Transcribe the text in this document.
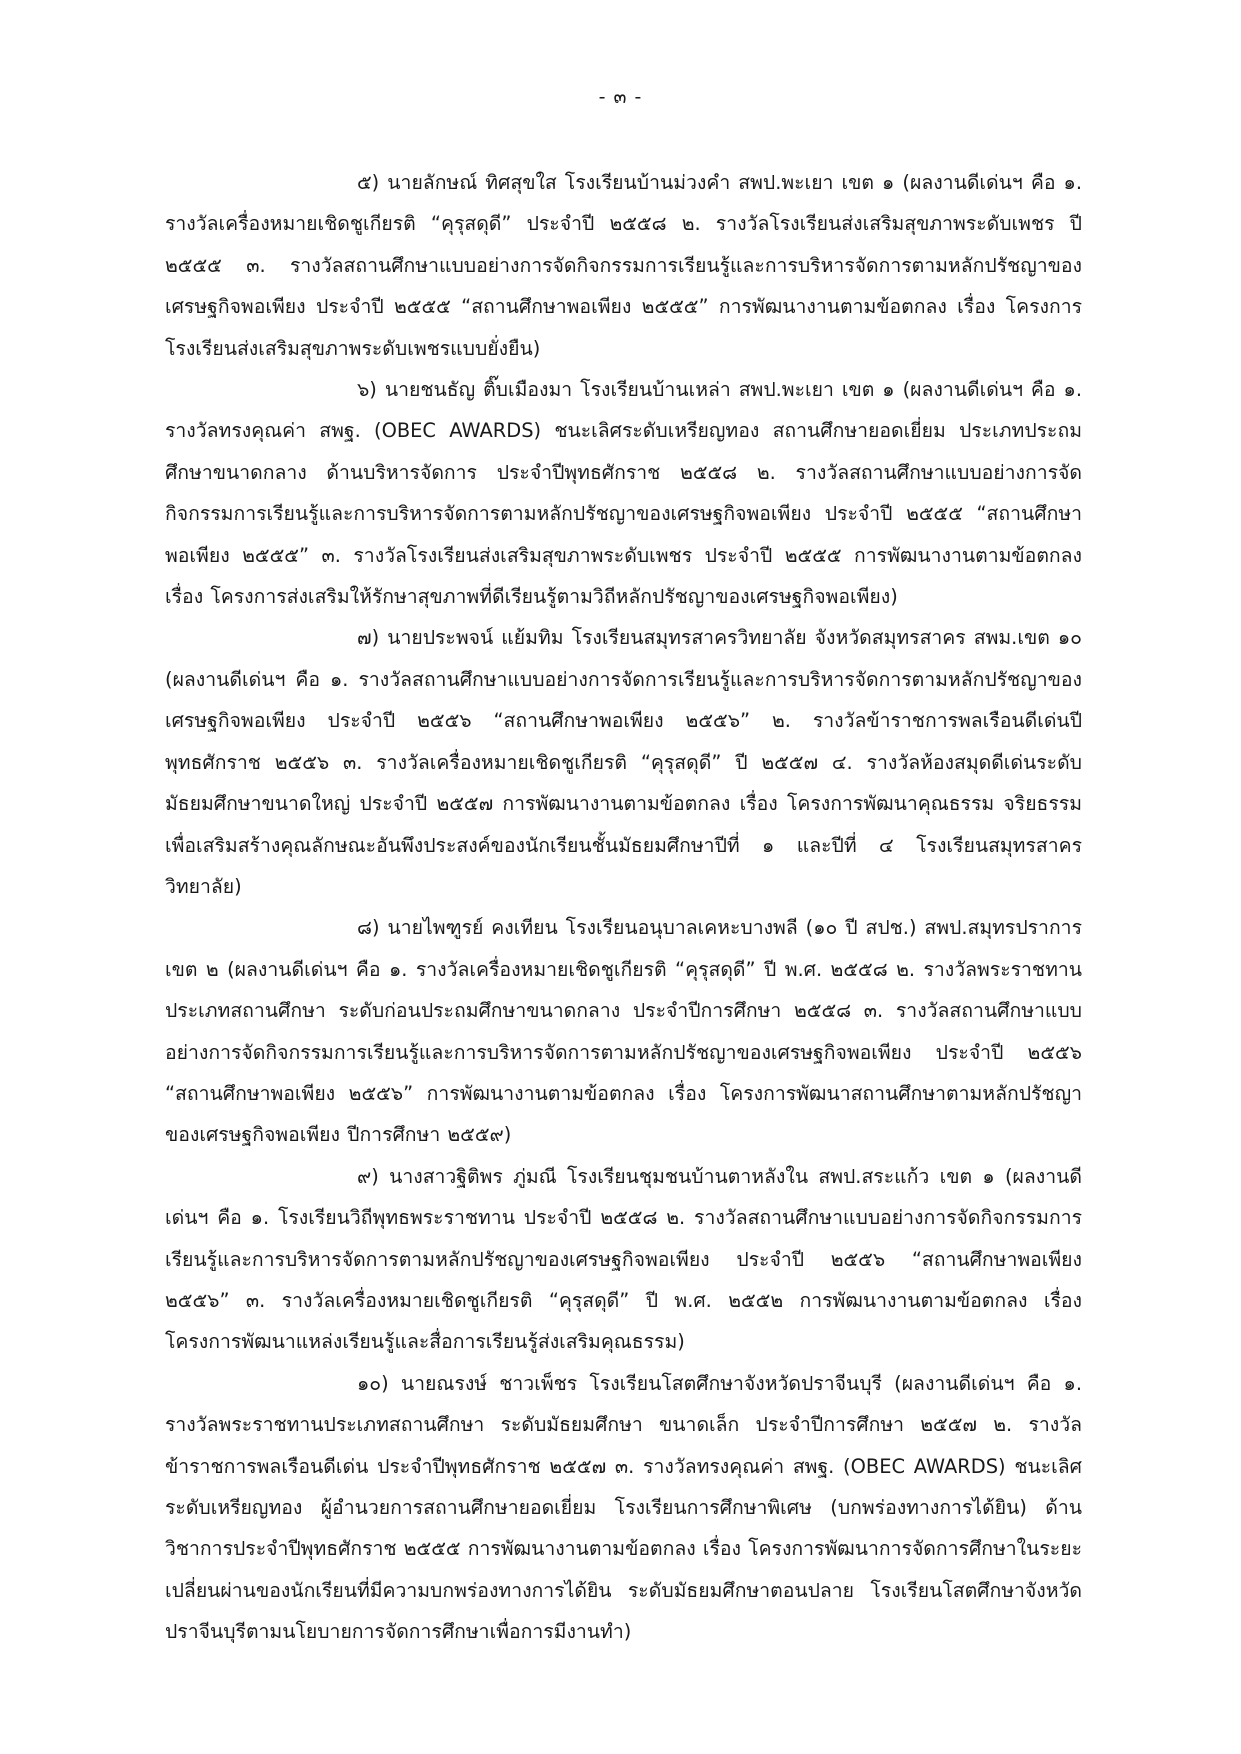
- ๓ -

๕) นายลักษณ์ ทิศสุขใส โรงเรียนบ้านม่วงคำ สพป.พะเยา เขต ๑ (ผลงานดีเด่นฯ คือ ๑. รางวัลเครื่องหมายเชิดชูเกียรติ “คุรุสดุดี” ประจำปี ๒๕๕๘ ๒. รางวัลโรงเรียนส่งเสริมสุขภาพระดับเพชร ปี ๒๕๕๕ ๓. รางวัลสถานศึกษาแบบอย่างการจัดกิจกรรมการเรียนรู้และการบริหารจัดการตามหลักปรัชญาของเศรษฐกิจพอเพียง ประจำปี ๒๕๕๕ “สถานศึกษาพอเพียง ๒๕๕๕” การพัฒนางานตามข้อตกลง เรื่อง โครงการโรงเรียนส่งเสริมสุขภาพระดับเพชรแบบยั่งยืน)

๖) นายชนธัญ ติ๊บเมืองมา โรงเรียนบ้านเหล่า สพป.พะเยา เขต ๑ (ผลงานดีเด่นฯ คือ ๑. รางวัลทรงคุณค่า สพฐ. (OBEC AWARDS) ชนะเลิศระดับเหรียญทอง สถานศึกษายอดเยี่ยม ประเภทประถมศึกษาขนาดกลาง ด้านบริหารจัดการ ประจำปีพุทธศักราช ๒๕๕๘ ๒. รางวัลสถานศึกษาแบบอย่างการจัดกิจกรรมการเรียนรู้และการบริหารจัดการตามหลักปรัชญาของเศรษฐกิจพอเพียง ประจำปี ๒๕๕๕ “สถานศึกษาพอเพียง ๒๕๕๕” ๓. รางวัลโรงเรียนส่งเสริมสุขภาพระดับเพชร ประจำปี ๒๕๕๕ การพัฒนางานตามข้อตกลง เรื่อง โครงการส่งเสริมให้รักษาสุขภาพที่ดีเรียนรู้ตามวิถีหลักปรัชญาของเศรษฐกิจพอเพียง)

๗) นายประพจน์ แย้มทิม โรงเรียนสมุทรสาครวิทยาลัย จังหวัดสมุทรสาคร สพม.เขต ๑๐ (ผลงานดีเด่นฯ คือ ๑. รางวัลสถานศึกษาแบบอย่างการจัดการเรียนรู้และการบริหารจัดการตามหลักปรัชญาของเศรษฐกิจพอเพียง ประจำปี ๒๕๕๖ “สถานศึกษาพอเพียง ๒๕๕๖” ๒. รางวัลข้าราชการพลเรือนดีเด่นปีพุทธศักราช ๒๕๕๖ ๓. รางวัลเครื่องหมายเชิดชูเกียรติ “คุรุสดุดี” ปี ๒๕๕๗ ๔. รางวัลห้องสมุดดีเด่นระดับมัธยมศึกษาขนาดใหญ่ ประจำปี ๒๕๕๗ การพัฒนางานตามข้อตกลง เรื่อง โครงการพัฒนาคุณธรรม จริยธรรม เพื่อเสริมสร้างคุณลักษณะอันพึงประสงค์ของนักเรียนชั้นมัธยมศึกษาปีที่ ๑ และปีที่ ๔ โรงเรียนสมุทรสาครวิทยาลัย)

๘) นายไพฑูรย์ คงเทียน โรงเรียนอนุบาลเคหะบางพลี (๑๐ ปี สปช.) สพป.สมุทรปราการ เขต ๒ (ผลงานดีเด่นฯ คือ ๑. รางวัลเครื่องหมายเชิดชูเกียรติ “คุรุสดุดี” ปี พ.ศ. ๒๕๕๘ ๒. รางวัลพระราชทานประเภทสถานศึกษา ระดับก่อนประถมศึกษาขนาดกลาง ประจำปีการศึกษา ๒๕๕๘ ๓. รางวัลสถานศึกษาแบบอย่างการจัดกิจกรรมการเรียนรู้และการบริหารจัดการตามหลักปรัชญาของเศรษฐกิจพอเพียง ประจำปี ๒๕๕๖ “สถานศึกษาพอเพียง ๒๕๕๖” การพัฒนางานตามข้อตกลง เรื่อง โครงการพัฒนาสถานศึกษาตามหลักปรัชญาของเศรษฐกิจพอเพียง ปีการศึกษา ๒๕๕๙)

๙) นางสาวฐิติพร ภู่มณี โรงเรียนชุมชนบ้านตาหลังใน สพป.สระแก้ว เขต ๑ (ผลงานดีเด่นฯ คือ ๑. โรงเรียนวิถีพุทธพระราชทาน ประจำปี ๒๕๕๘ ๒. รางวัลสถานศึกษาแบบอย่างการจัดกิจกรรมการเรียนรู้และการบริหารจัดการตามหลักปรัชญาของเศรษฐกิจพอเพียง ประจำปี ๒๕๕๖ “สถานศึกษาพอเพียง ๒๕๕๖” ๓. รางวัลเครื่องหมายเชิดชูเกียรติ “คุรุสดุดี” ปี พ.ศ. ๒๕๕๒ การพัฒนางานตามข้อตกลง เรื่อง โครงการพัฒนาแหล่งเรียนรู้และสื่อการเรียนรู้ส่งเสริมคุณธรรม)

๑๐) นายณรงษ์ ชาวเพ็ชร โรงเรียนโสตศึกษาจังหวัดปราจีนบุรี (ผลงานดีเด่นฯ คือ ๑. รางวัลพระราชทานประเภทสถานศึกษา ระดับมัธยมศึกษา ขนาดเล็ก ประจำปีการศึกษา ๒๕๕๗ ๒. รางวัลข้าราชการพลเรือนดีเด่น ประจำปีพุทธศักราช ๒๕๕๗ ๓. รางวัลทรงคุณค่า สพฐ. (OBEC AWARDS) ชนะเลิศระดับเหรียญทอง ผู้อำนวยการสถานศึกษายอดเยี่ยม โรงเรียนการศึกษาพิเศษ (บกพร่องทางการได้ยิน) ด้านวิชาการประจำปีพุทธศักราช ๒๕๕๕ การพัฒนางานตามข้อตกลง เรื่อง โครงการพัฒนาการจัดการศึกษาในระยะเปลี่ยนผ่านของนักเรียนที่มีความบกพร่องทางการได้ยิน ระดับมัธยมศึกษาตอนปลาย โรงเรียนโสตศึกษาจังหวัดปราจีนบุรีตามนโยบายการจัดการศึกษาเพื่อการมีงานทำ)
